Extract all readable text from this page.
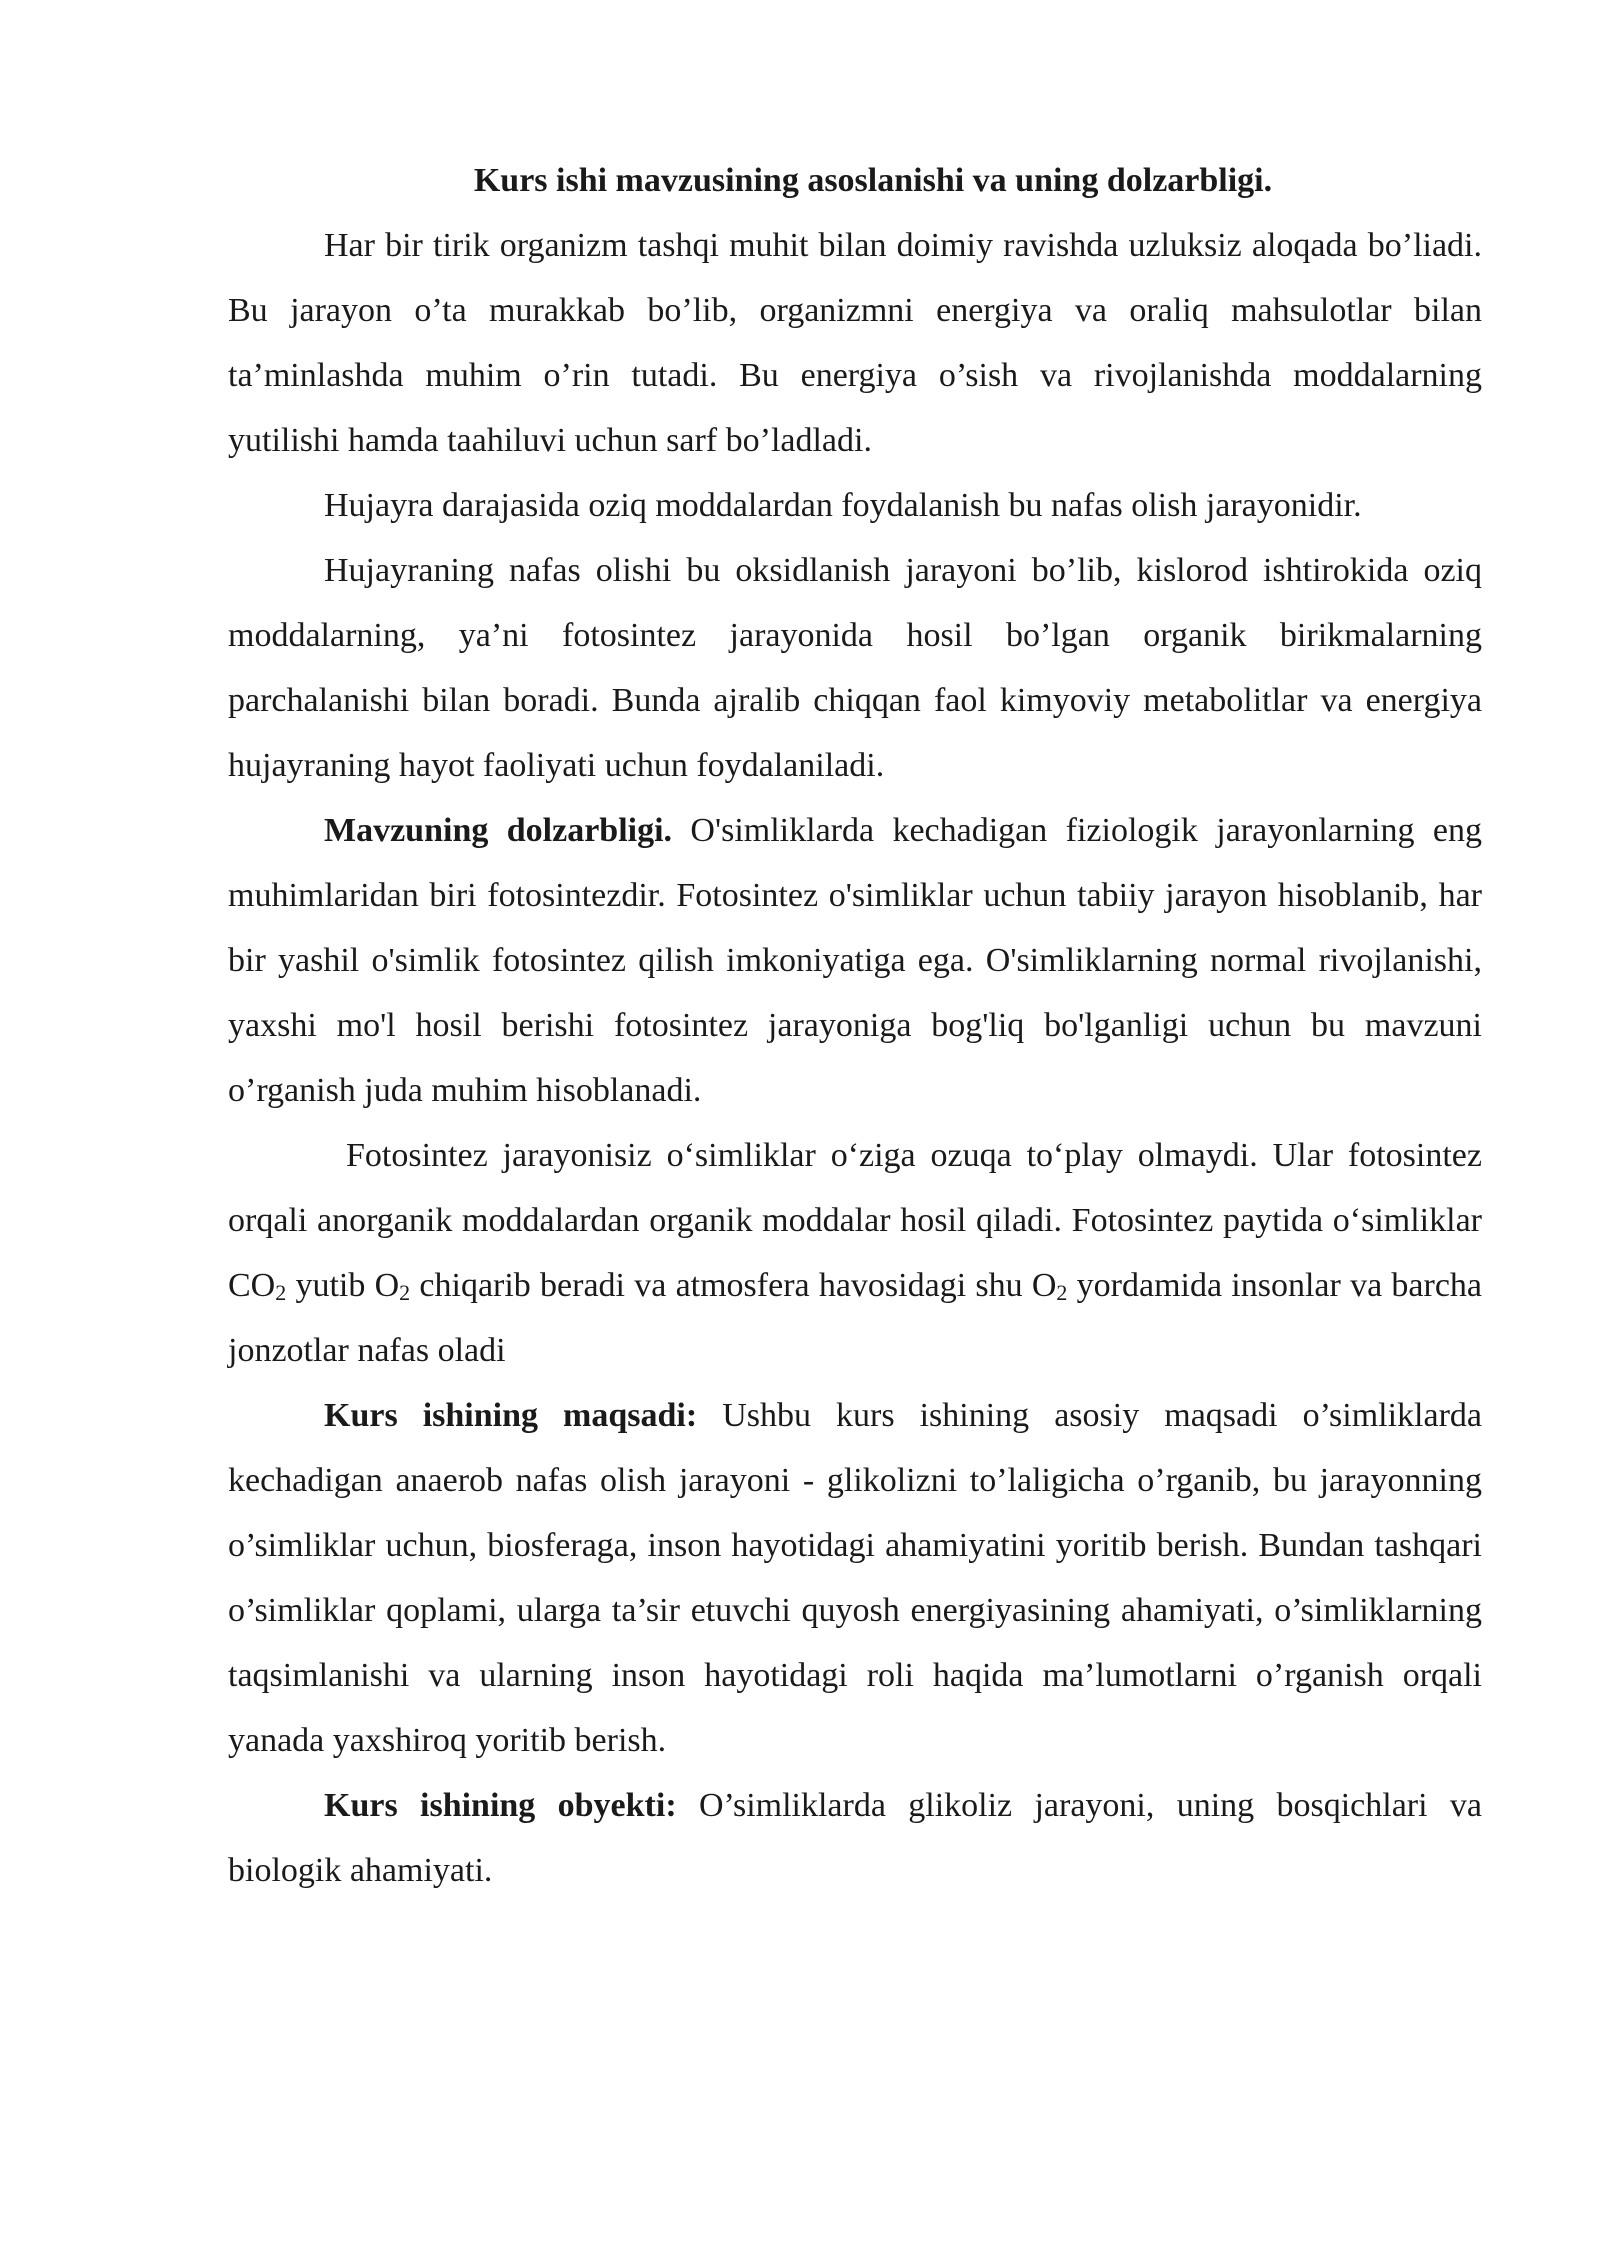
Kurs ishi mavzusining asoslanishi va uning dolzarbligi.

Har bir tirik organizm tashqi muhit bilan doimiy ravishda uzluksiz aloqada bo’liadi. Bu jarayon o’ta murakkab bo’lib, organizmni energiya va oraliq mahsulotlar bilan ta’minlashda muhim o’rin tutadi. Bu energiya o’sish va rivojlanishda moddalarning yutilishi hamda taahiluvi uchun sarf bo’ladladi.

Hujayra darajasida oziq moddalardan foydalanish bu nafas olish jarayonidir.

Hujayraning nafas olishi bu oksidlanish jarayoni bo’lib, kislorod ishtirokida oziq moddalarning, ya’ni fotosintez jarayonida hosil bo’lgan organik birikmalarning parchalanishi bilan boradi. Bunda ajralib chiqqan faol kimyoviy metabolitlar va energiya hujayraning hayot faoliyati uchun foydalaniladi.

Mavzuning dolzarbligi. O'simliklarda kechadigan fiziologik jarayonlarning eng muhimlaridan biri fotosintezdir. Fotosintez o'simliklar uchun tabiiy jarayon hisoblanib, har bir yashil o'simlik fotosintez qilish imkoniyatiga ega. O'simliklarning normal rivojlanishi, yaxshi mo'l hosil berishi fotosintez jarayoniga bog'liq bo'lganligi uchun bu mavzuni o’rganish juda muhim hisoblanadi.

Fotosintez jarayonisiz o‘simliklar o‘ziga ozuqa to‘play olmaydi. Ular fotosintez orqali anorganik moddalardan organik moddalar hosil qiladi. Fotosintez paytida o‘simliklar $CO_2$ yutib $O_2$ chiqarib beradi va atmosfera havosidagi shu $O_2$ yordamida insonlar va barcha jonzotlar nafas oladi

Kurs ishining maqsadi: Ushbu kurs ishining asosiy maqsadi o’simliklarda kechadigan anaerob nafas olish jarayoni - glikolizni to’laligicha o’rganib, bu jarayonning o’simliklar uchun, biosferaga, inson hayotidagi ahamiyatini yoritib berish. Bundan tashqari o’simliklar qoplami, ularga ta’sir etuvchi quyosh energiyasining ahamiyati, o’simliklarning taqsimlanishi va ularning inson hayotidagi roli haqida ma’lumotlarni o’rganish orqali yanada yaxshiroq yoritib berish.

Kurs ishining obyekti: O’simliklarda glikoliz jarayoni, uning bosqichlari va biologik ahamiyati.
